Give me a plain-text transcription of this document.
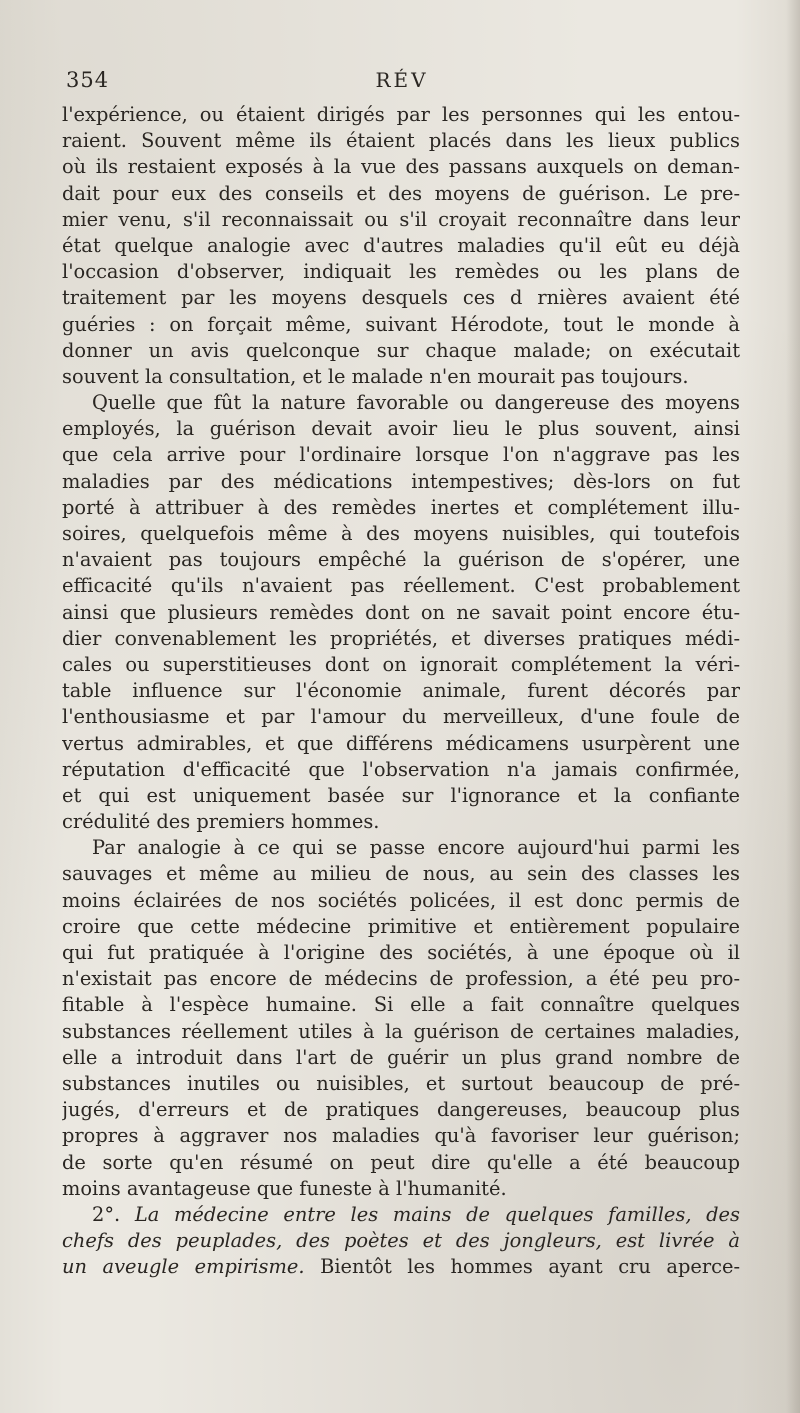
354	RÉV
l'expérience, ou étaient dirigés par les personnes qui les entou-
raient. Souvent même ils étaient placés dans les lieux publics
où ils restaient exposés à la vue des passans auxquels on deman-
dait pour eux des conseils et des moyens de guérison. Le pre-
mier venu, s'il reconnaissait ou s'il croyait reconnaître dans leur
état quelque analogie avec d'autres maladies qu'il eût eu déjà
l'occasion d'observer, indiquait les remèdes ou les plans de
traitement par les moyens desquels ces d rnières avaient été
guéries : on forçait même, suivant Hérodote, tout le monde à
donner un avis quelconque sur chaque malade; on exécutait
souvent la consultation, et le malade n'en mourait pas toujours.
Quelle que fût la nature favorable ou dangereuse des moyens
employés, la guérison devait avoir lieu le plus souvent, ainsi
que cela arrive pour l'ordinaire lorsque l'on n'aggrave pas les
maladies par des médications intempestives; dès-lors on fut
porté à attribuer à des remèdes inertes et complétement illu-
soires, quelquefois même à des moyens nuisibles, qui toutefois
n'avaient pas toujours empêché la guérison de s'opérer, une
efficacité qu'ils n'avaient pas réellement. C'est probablement
ainsi que plusieurs remèdes dont on ne savait point encore étu-
dier convenablement les propriétés, et diverses pratiques médi-
cales ou superstitieuses dont on ignorait complétement la véri-
table influence sur l'économie animale, furent décorés par
l'enthousiasme et par l'amour du merveilleux, d'une foule de
vertus admirables, et que différens médicamens usurpèrent une
réputation d'efficacité que l'observation n'a jamais confirmée,
et qui est uniquement basée sur l'ignorance et la confiante
crédulité des premiers hommes.
Par analogie à ce qui se passe encore aujourd'hui parmi les
sauvages et même au milieu de nous, au sein des classes les
moins éclairées de nos sociétés policées, il est donc permis de
croire que cette médecine primitive et entièrement populaire
qui fut pratiquée à l'origine des sociétés, à une époque où il
n'existait pas encore de médecins de profession, a été peu pro-
fitable à l'espèce humaine. Si elle a fait connaître quelques
substances réellement utiles à la guérison de certaines maladies,
elle a introduit dans l'art de guérir un plus grand nombre de
substances inutiles ou nuisibles, et surtout beaucoup de pré-
jugés, d'erreurs et de pratiques dangereuses, beaucoup plus
propres à aggraver nos maladies qu'à favoriser leur guérison;
de sorte qu'en résumé on peut dire qu'elle a été beaucoup
moins avantageuse que funeste à l'humanité.
2°. La médecine entre les mains de quelques familles, des
chefs des peuplades, des poètes et des jongleurs, est livrée à
un aveugle empirisme. Bientôt les hommes ayant cru aperce-
